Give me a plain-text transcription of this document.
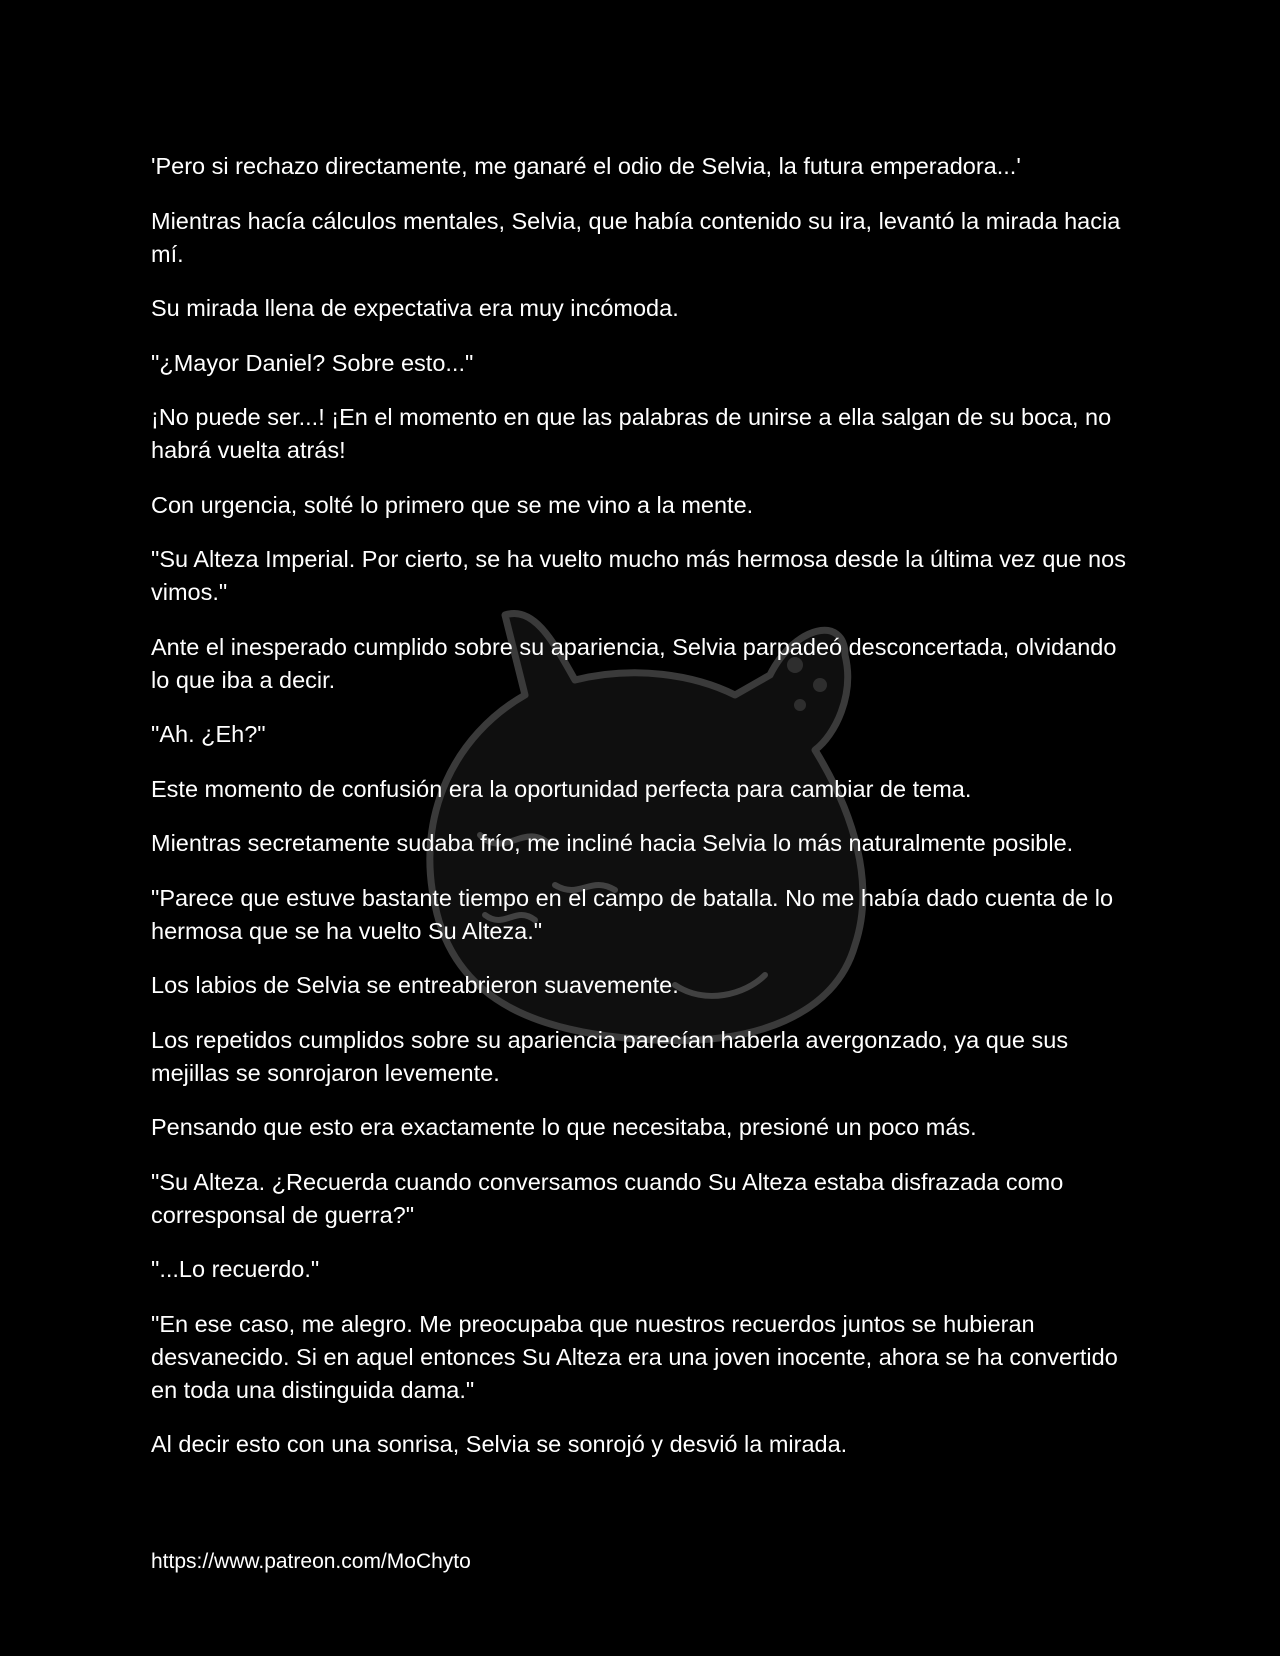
'Pero si rechazo directamente, me ganaré el odio de Selvia, la futura emperadora...'

Mientras hacía cálculos mentales, Selvia, que había contenido su ira, levantó la mirada hacia mí.

Su mirada llena de expectativa era muy incómoda.

"¿Mayor Daniel? Sobre esto..."

¡No puede ser...! ¡En el momento en que las palabras de unirse a ella salgan de su boca, no habrá vuelta atrás!

Con urgencia, solté lo primero que se me vino a la mente.

"Su Alteza Imperial. Por cierto, se ha vuelto mucho más hermosa desde la última vez que nos vimos."

Ante el inesperado cumplido sobre su apariencia, Selvia parpadeó desconcertada, olvidando lo que iba a decir.

"Ah. ¿Eh?"

Este momento de confusión era la oportunidad perfecta para cambiar de tema.

Mientras secretamente sudaba frío, me incliné hacia Selvia lo más naturalmente posible.

"Parece que estuve bastante tiempo en el campo de batalla. No me había dado cuenta de lo hermosa que se ha vuelto Su Alteza."

Los labios de Selvia se entreabrieron suavemente.

Los repetidos cumplidos sobre su apariencia parecían haberla avergonzado, ya que sus mejillas se sonrojaron levemente.

Pensando que esto era exactamente lo que necesitaba, presioné un poco más.

"Su Alteza. ¿Recuerda cuando conversamos cuando Su Alteza estaba disfrazada como corresponsal de guerra?"

"...Lo recuerdo."

"En ese caso, me alegro. Me preocupaba que nuestros recuerdos juntos se hubieran desvanecido. Si en aquel entonces Su Alteza era una joven inocente, ahora se ha convertido en toda una distinguida dama."

Al decir esto con una sonrisa, Selvia se sonrojó y desvió la mirada.

https://www.patreon.com/MoChyto
